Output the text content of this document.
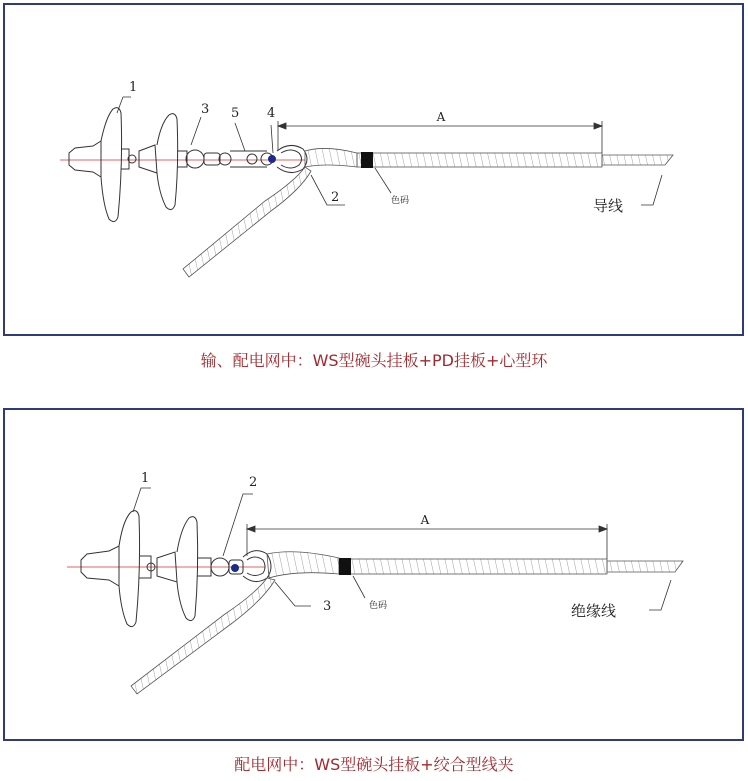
A
1
3 5 4
2	色码	导线
输、配电网中：WS型碗头挂板+PD挂板+心型环
A
1	2
3	色码	绝缘线
配电网中：WS型碗头挂板+绞合型线夹
